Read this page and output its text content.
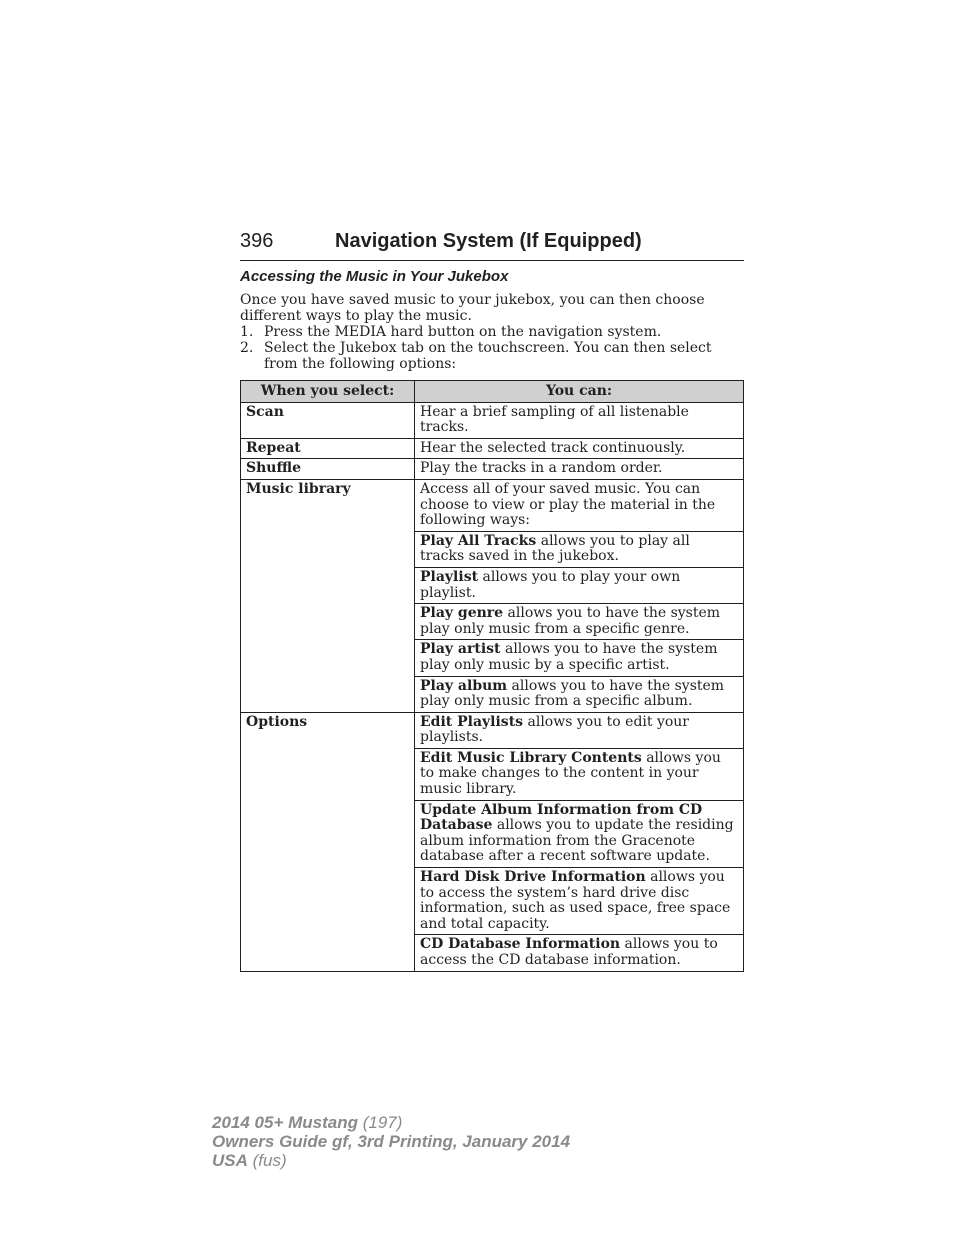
396	Navigation System (If Equipped)
Accessing the Music in Your Jukebox

Once you have saved music to your jukebox, you can then choose different ways to play the music.

1. Press the MEDIA hard button on the navigation system.
2. Select the Jukebox tab on the touchscreen. You can then select from the following options:
When you select:	You can:
Scan	Hear a brief sampling of all listenable tracks.
Repeat	Hear the selected track continuously.
Shuffle	Play the tracks in a random order.
Music library	Access all of your saved music. You can choose to view or play the material in the following ways:
	Play All Tracks allows you to play all tracks saved in the jukebox.
	Playlist allows you to play your own playlist.
	Play genre allows you to have the system play only music from a specific genre.
	Play artist allows you to have the system play only music by a specific artist.
	Play album allows you to have the system play only music from a specific album.
Options	Edit Playlists allows you to edit your playlists.
	Edit Music Library Contents allows you to make changes to the content in your music library.
	Update Album Information from CD Database allows you to update the residing album information from the Gracenote database after a recent software update.
	Hard Disk Drive Information allows you to access the system’s hard drive disc information, such as used space, free space and total capacity.
	CD Database Information allows you to access the CD database information.
2014 05+ Mustang (197)
Owners Guide gf, 3rd Printing, January 2014
USA (fus)
